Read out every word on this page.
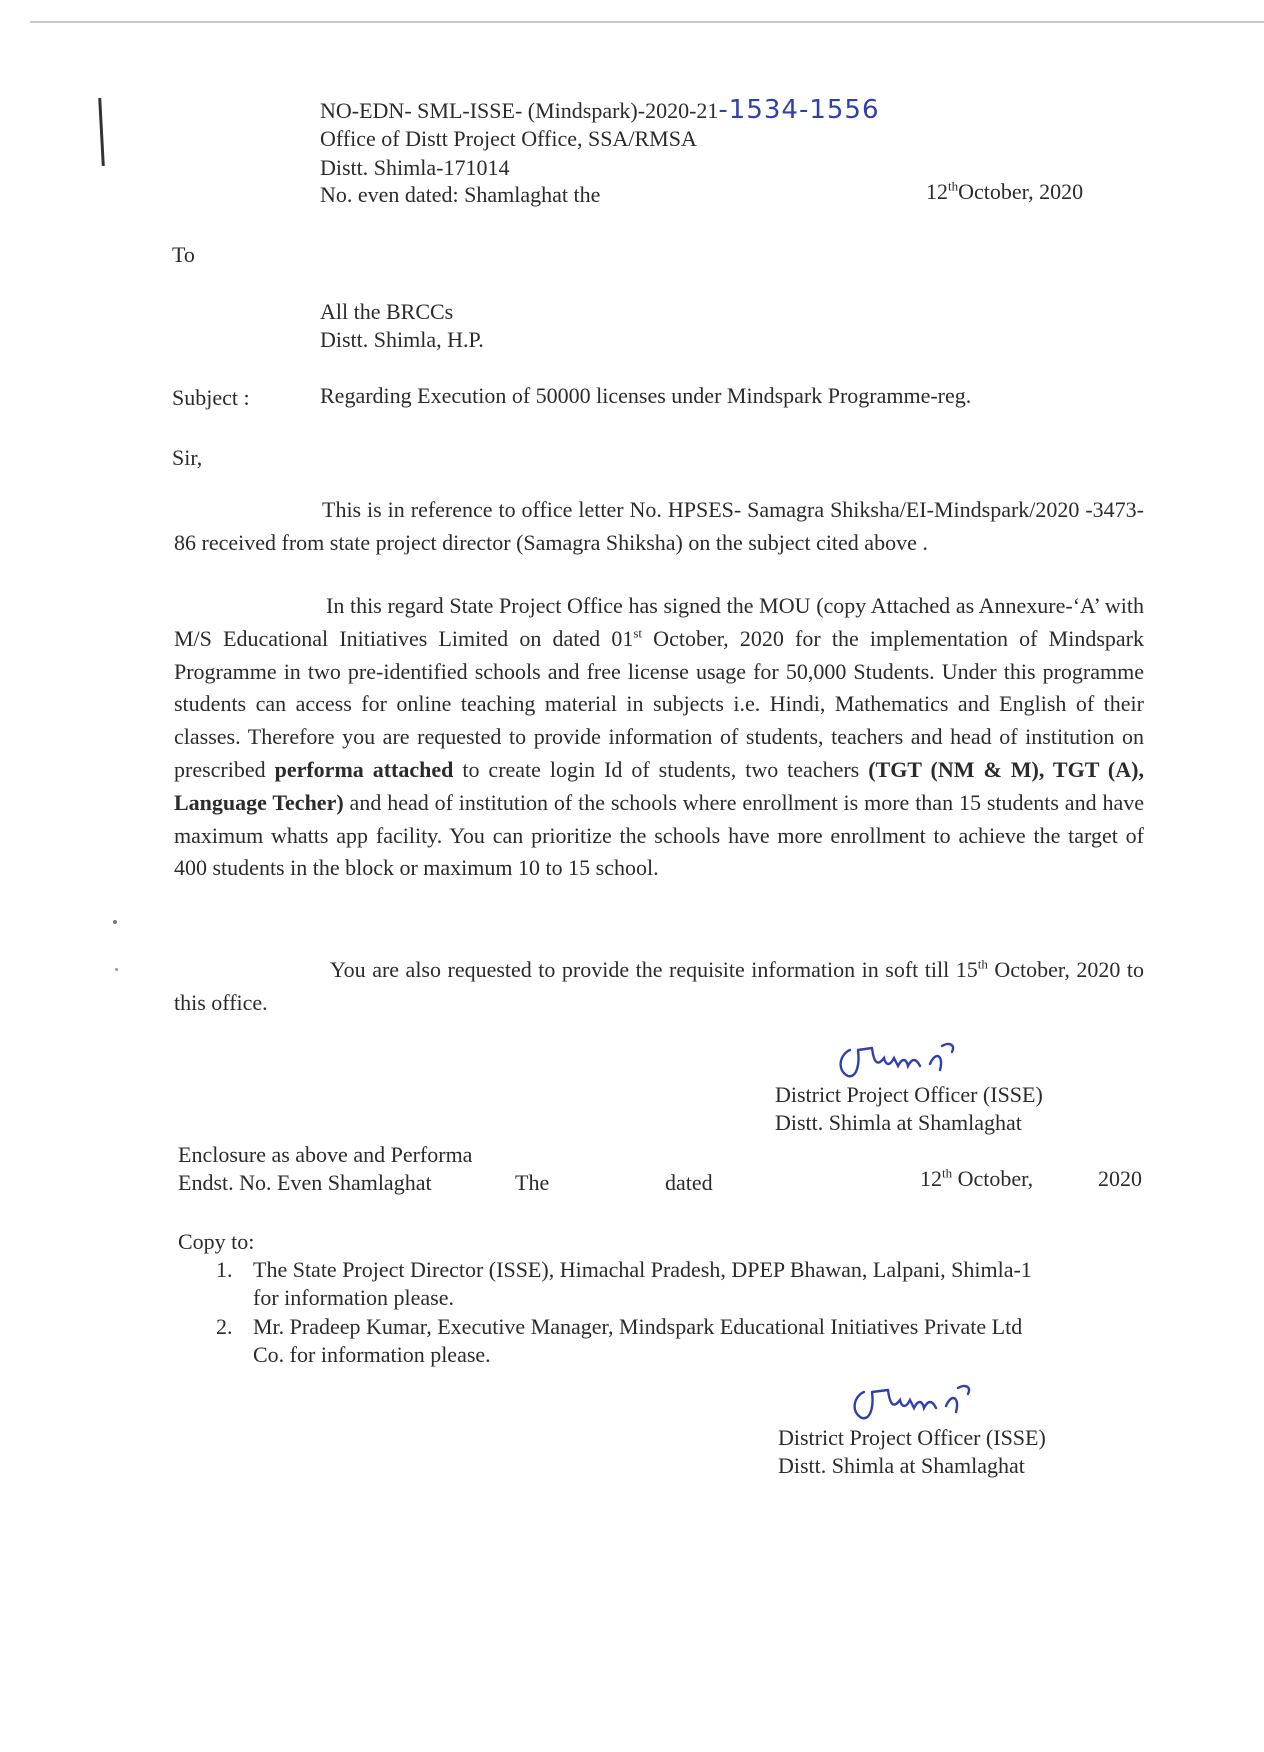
NO-EDN- SML-ISSE- (Mindspark)-2020-21-1534-1556
Office of Distt Project Office, SSA/RMSA
Distt. Shimla-171014
No. even dated: Shamlaghat the	12thOctober, 2020
To
All the BRCCs
Distt. Shimla, H.P.
Subject :	Regarding Execution of 50000 licenses under Mindspark Programme-reg.
Sir,

This is in reference to office letter No. HPSES- Samagra Shiksha/EI-Mindspark/2020 -3473-86 received from state project director (Samagra Shiksha) on the subject cited above .

In this regard State Project Office has signed the MOU (copy Attached as Annexure-‘A’ with M/S Educational Initiatives Limited on dated 01st October, 2020 for the implementation of Mindspark Programme in two pre-identified schools and free license usage for 50,000 Students. Under this programme students can access for online teaching material in subjects i.e. Hindi, Mathematics and English of their classes. Therefore you are requested to provide information of students, teachers and head of institution on prescribed performa attached to create login Id of students, two teachers (TGT (NM & M), TGT (A), Language Techer) and head of institution of the schools where enrollment is more than 15 students and have maximum whatts app facility. You can prioritize the schools have more enrollment to achieve the target of 400 students in the block or maximum 10 to 15 school.

You are also requested to provide the requisite information in soft till 15th October, 2020 to this office.

District Project Officer (ISSE)
Distt. Shimla at Shamlaghat
Enclosure as above and Performa
Endst. No. Even Shamlaghat	The	dated	12th October,	2020
Copy to:
1. The State Project Director (ISSE), Himachal Pradesh, DPEP Bhawan, Lalpani, Shimla-1
for information please.
2. Mr. Pradeep Kumar, Executive Manager, Mindspark Educational Initiatives Private Ltd
Co. for information please.
District Project Officer (ISSE)
Distt. Shimla at Shamlaghat
